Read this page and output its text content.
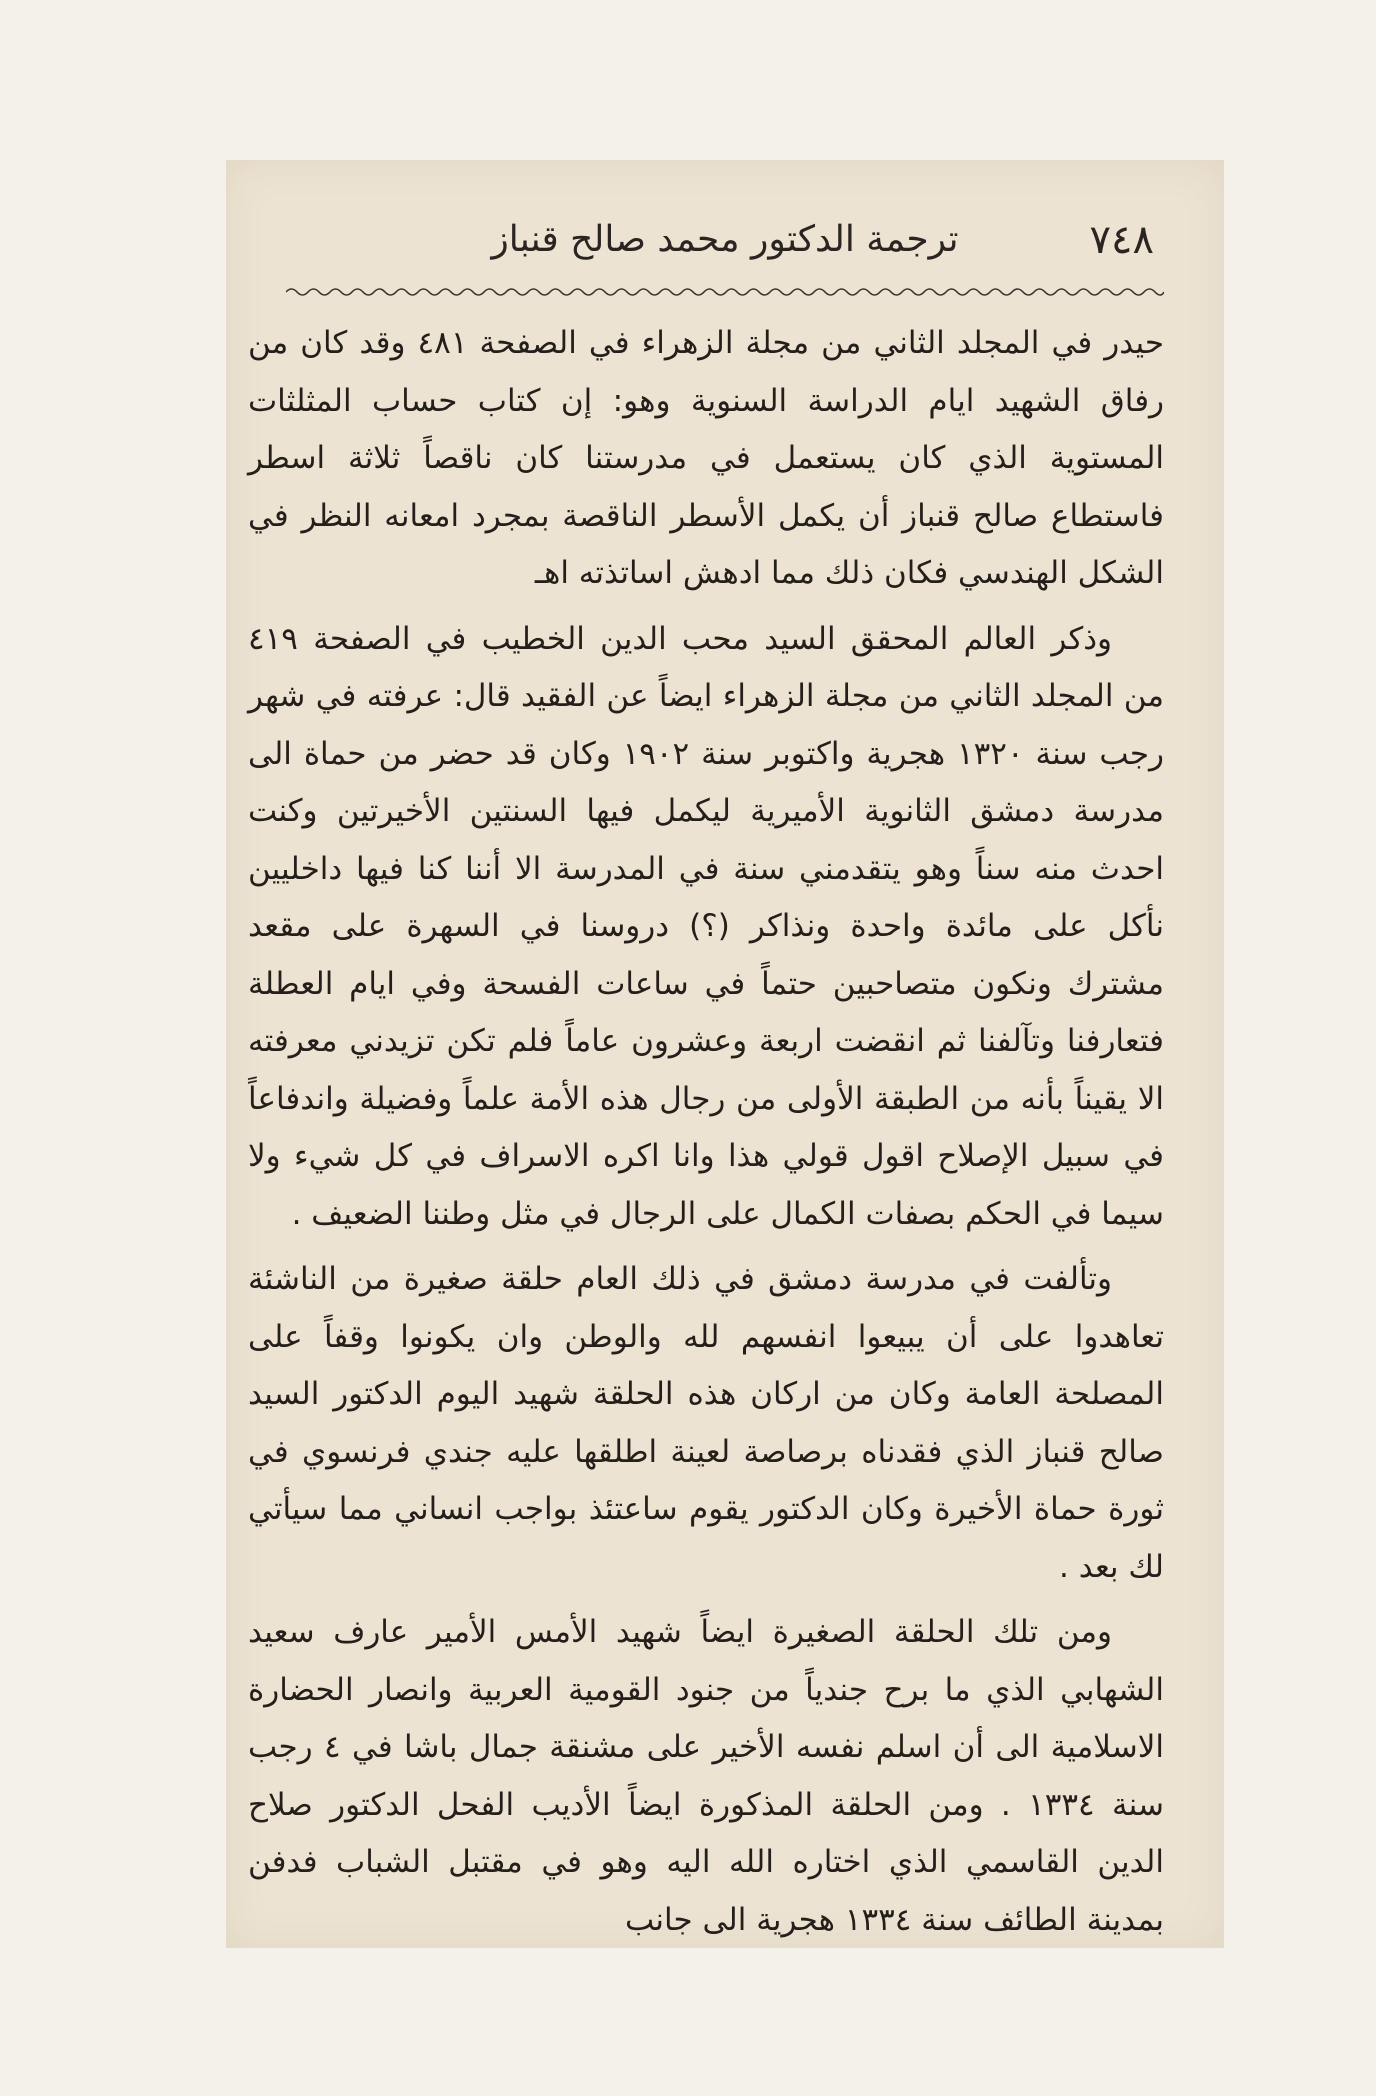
٧٤٨
ترجمة الدكتور محمد صالح قنباز

حيدر في المجلد الثاني من مجلة الزهراء في الصفحة ٤٨١ وقد كان من رفاق الشهيد ايام الدراسة السنوية وهو: إن كتاب حساب المثلثات المستوية الذي كان يستعمل في مدرستنا كان ناقصاً ثلاثة اسطر فاستطاع صالح قنباز أن يكمل الأسطر الناقصة بمجرد امعانه النظر في الشكل الهندسي فكان ذلك مما ادهش اساتذته اهـ

وذكر العالم المحقق السيد محب الدين الخطيب في الصفحة ٤١٩ من المجلد الثاني من مجلة الزهراء ايضاً عن الفقيد قال: عرفته في شهر رجب سنة ١٣٢٠ هجرية واكتوبر سنة ١٩٠٢ وكان قد حضر من حماة الى مدرسة دمشق الثانوية الأميرية ليكمل فيها السنتين الأخيرتين وكنت احدث منه سناً وهو يتقدمني سنة في المدرسة الا أننا كنا فيها داخليين نأكل على مائدة واحدة ونذاكر (؟) دروسنا في السهرة على مقعد مشترك ونكون متصاحبين حتماً في ساعات الفسحة وفي ايام العطلة فتعارفنا وتآلفنا ثم انقضت اربعة وعشرون عاماً فلم تكن تزيدني معرفته الا يقيناً بأنه من الطبقة الأولى من رجال هذه الأمة علماً وفضيلة واندفاعاً في سبيل الإصلاح اقول قولي هذا وانا اكره الاسراف في كل شيء ولا سيما في الحكم بصفات الكمال على الرجال في مثل وطننا الضعيف .

وتألفت في مدرسة دمشق في ذلك العام حلقة صغيرة من الناشئة تعاهدوا على أن يبيعوا انفسهم لله والوطن وان يكونوا وقفاً على المصلحة العامة وكان من اركان هذه الحلقة شهيد اليوم الدكتور السيد صالح قنباز الذي فقدناه برصاصة لعينة اطلقها عليه جندي فرنسوي في ثورة حماة الأخيرة وكان الدكتور يقوم ساعتئذ بواجب انساني مما سيأتي لك بعد .

ومن تلك الحلقة الصغيرة ايضاً شهيد الأمس الأمير عارف سعيد الشهابي الذي ما برح جندياً من جنود القومية العربية وانصار الحضارة الاسلامية الى أن اسلم نفسه الأخير على مشنقة جمال باشا في ٤ رجب سنة ١٣٣٤ . ومن الحلقة المذكورة ايضاً الأديب الفحل الدكتور صلاح الدين القاسمي الذي اختاره الله اليه وهو في مقتبل الشباب فدفن بمدينة الطائف سنة ١٣٣٤ هجرية الى جانب
